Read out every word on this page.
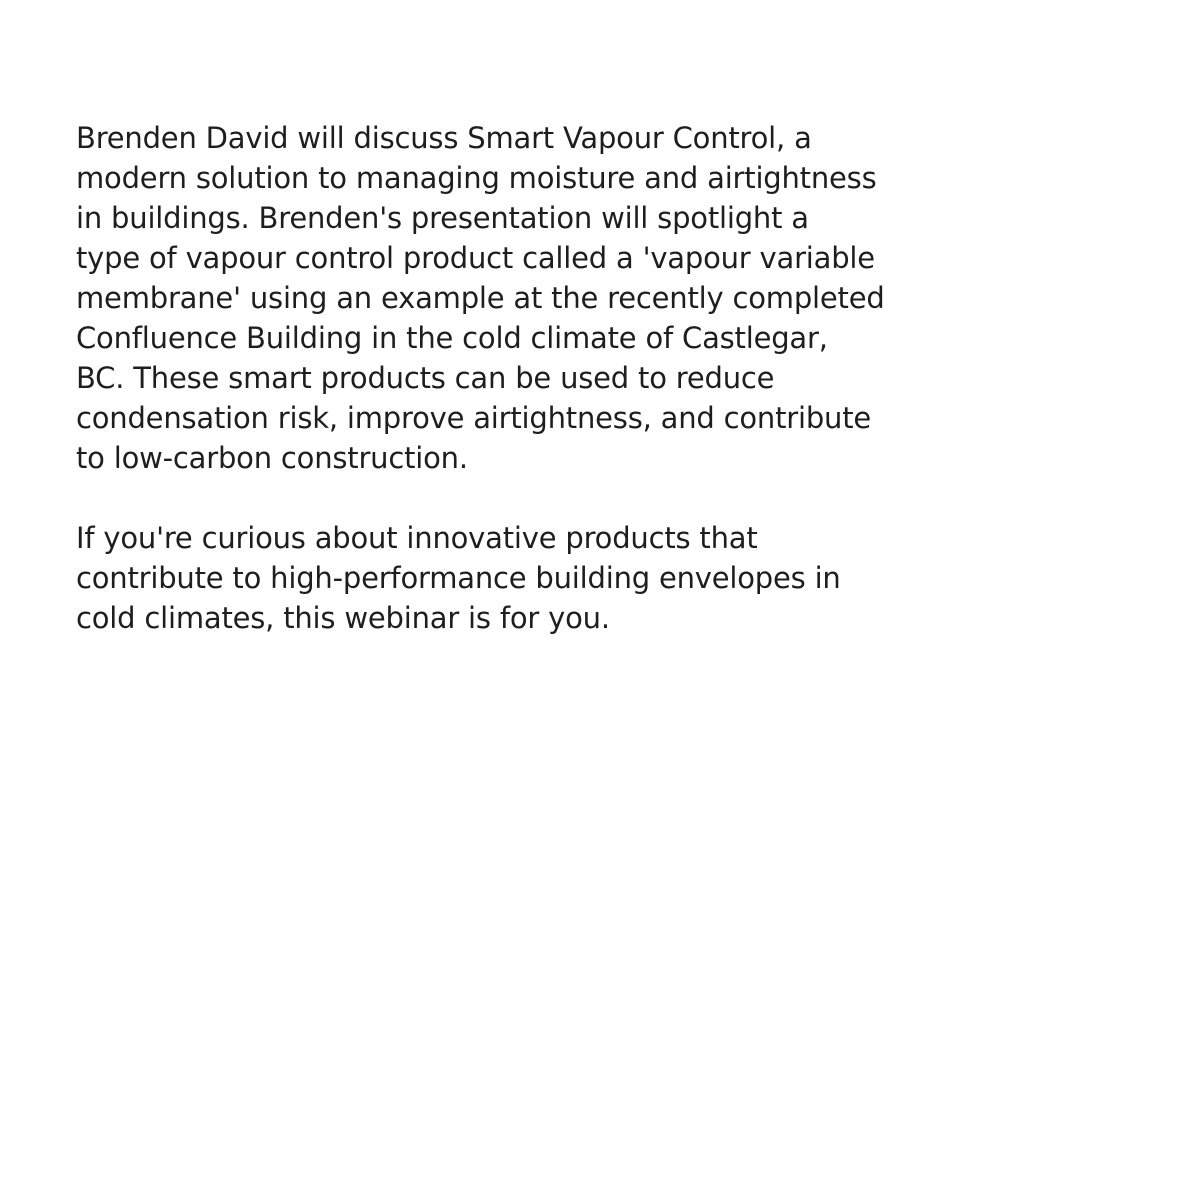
Brenden David will discuss Smart Vapour Control, a
modern solution to managing moisture and airtightness
in buildings. Brenden's presentation will spotlight a
type of vapour control product called a 'vapour variable
membrane' using an example at the recently completed
Confluence Building in the cold climate of Castlegar,
BC. These smart products can be used to reduce
condensation risk, improve airtightness, and contribute
to low-carbon construction.

If you're curious about innovative products that
contribute to high-performance building envelopes in
cold climates, this webinar is for you.
